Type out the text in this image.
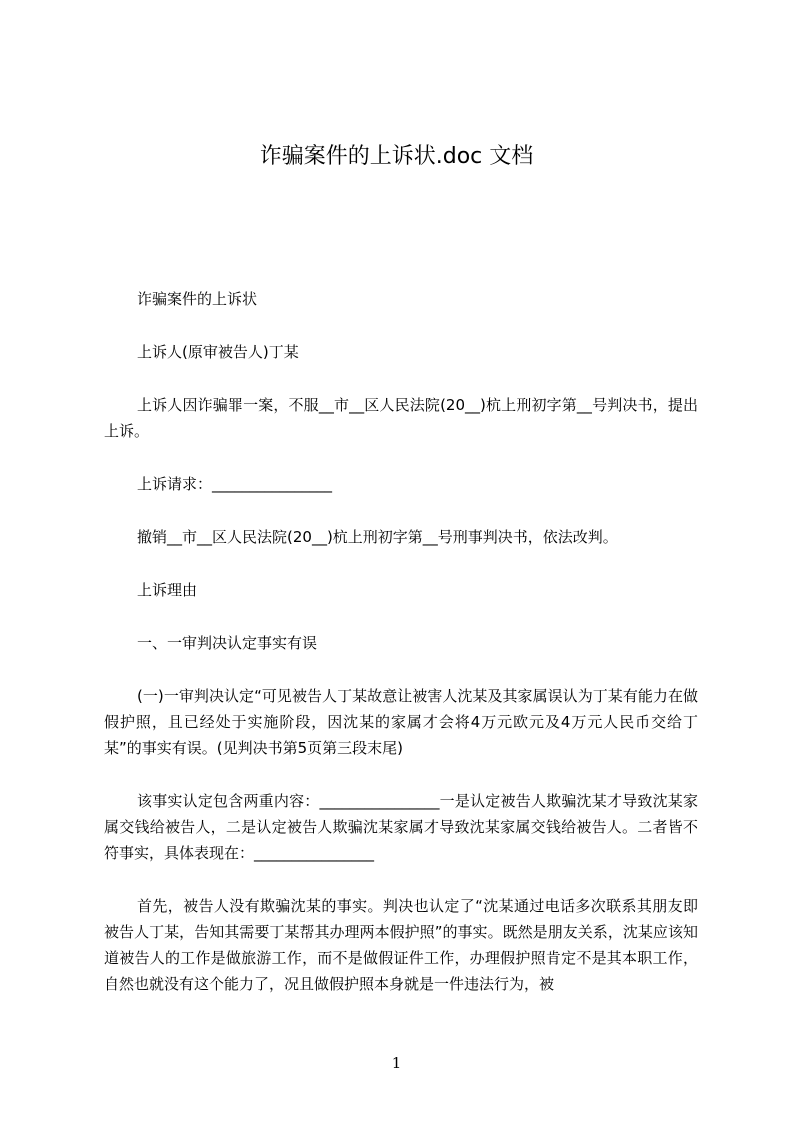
诈骗案件的上诉状.doc 文档

诈骗案件的上诉状

上诉人(原审被告人)丁某

上诉人因诈骗罪一案，不服__市__区人民法院(20__)杭上刑初字第__号判决书，提出上诉。

上诉请求：________________

撤销__市__区人民法院(20__)杭上刑初字第__号刑事判决书，依法改判。

上诉理由

一、一审判决认定事实有误

(一)一审判决认定“可见被告人丁某故意让被害人沈某及其家属误认为丁某有能力在做假护照，且已经处于实施阶段，因沈某的家属才会将4万元欧元及4万元人民币交给丁某”的事实有误。(见判决书第5页第三段末尾)

该事实认定包含两重内容：________________一是认定被告人欺骗沈某才导致沈某家属交钱给被告人，二是认定被告人欺骗沈某家属才导致沈某家属交钱给被告人。二者皆不符事实，具体表现在：________________

首先，被告人没有欺骗沈某的事实。判决也认定了“沈某通过电话多次联系其朋友即被告人丁某，告知其需要丁某帮其办理两本假护照”的事实。既然是朋友关系，沈某应该知道被告人的工作是做旅游工作，而不是做假证件工作，办理假护照肯定不是其本职工作，自然也就没有这个能力了，况且做假护照本身就是一件违法行为，被

1
